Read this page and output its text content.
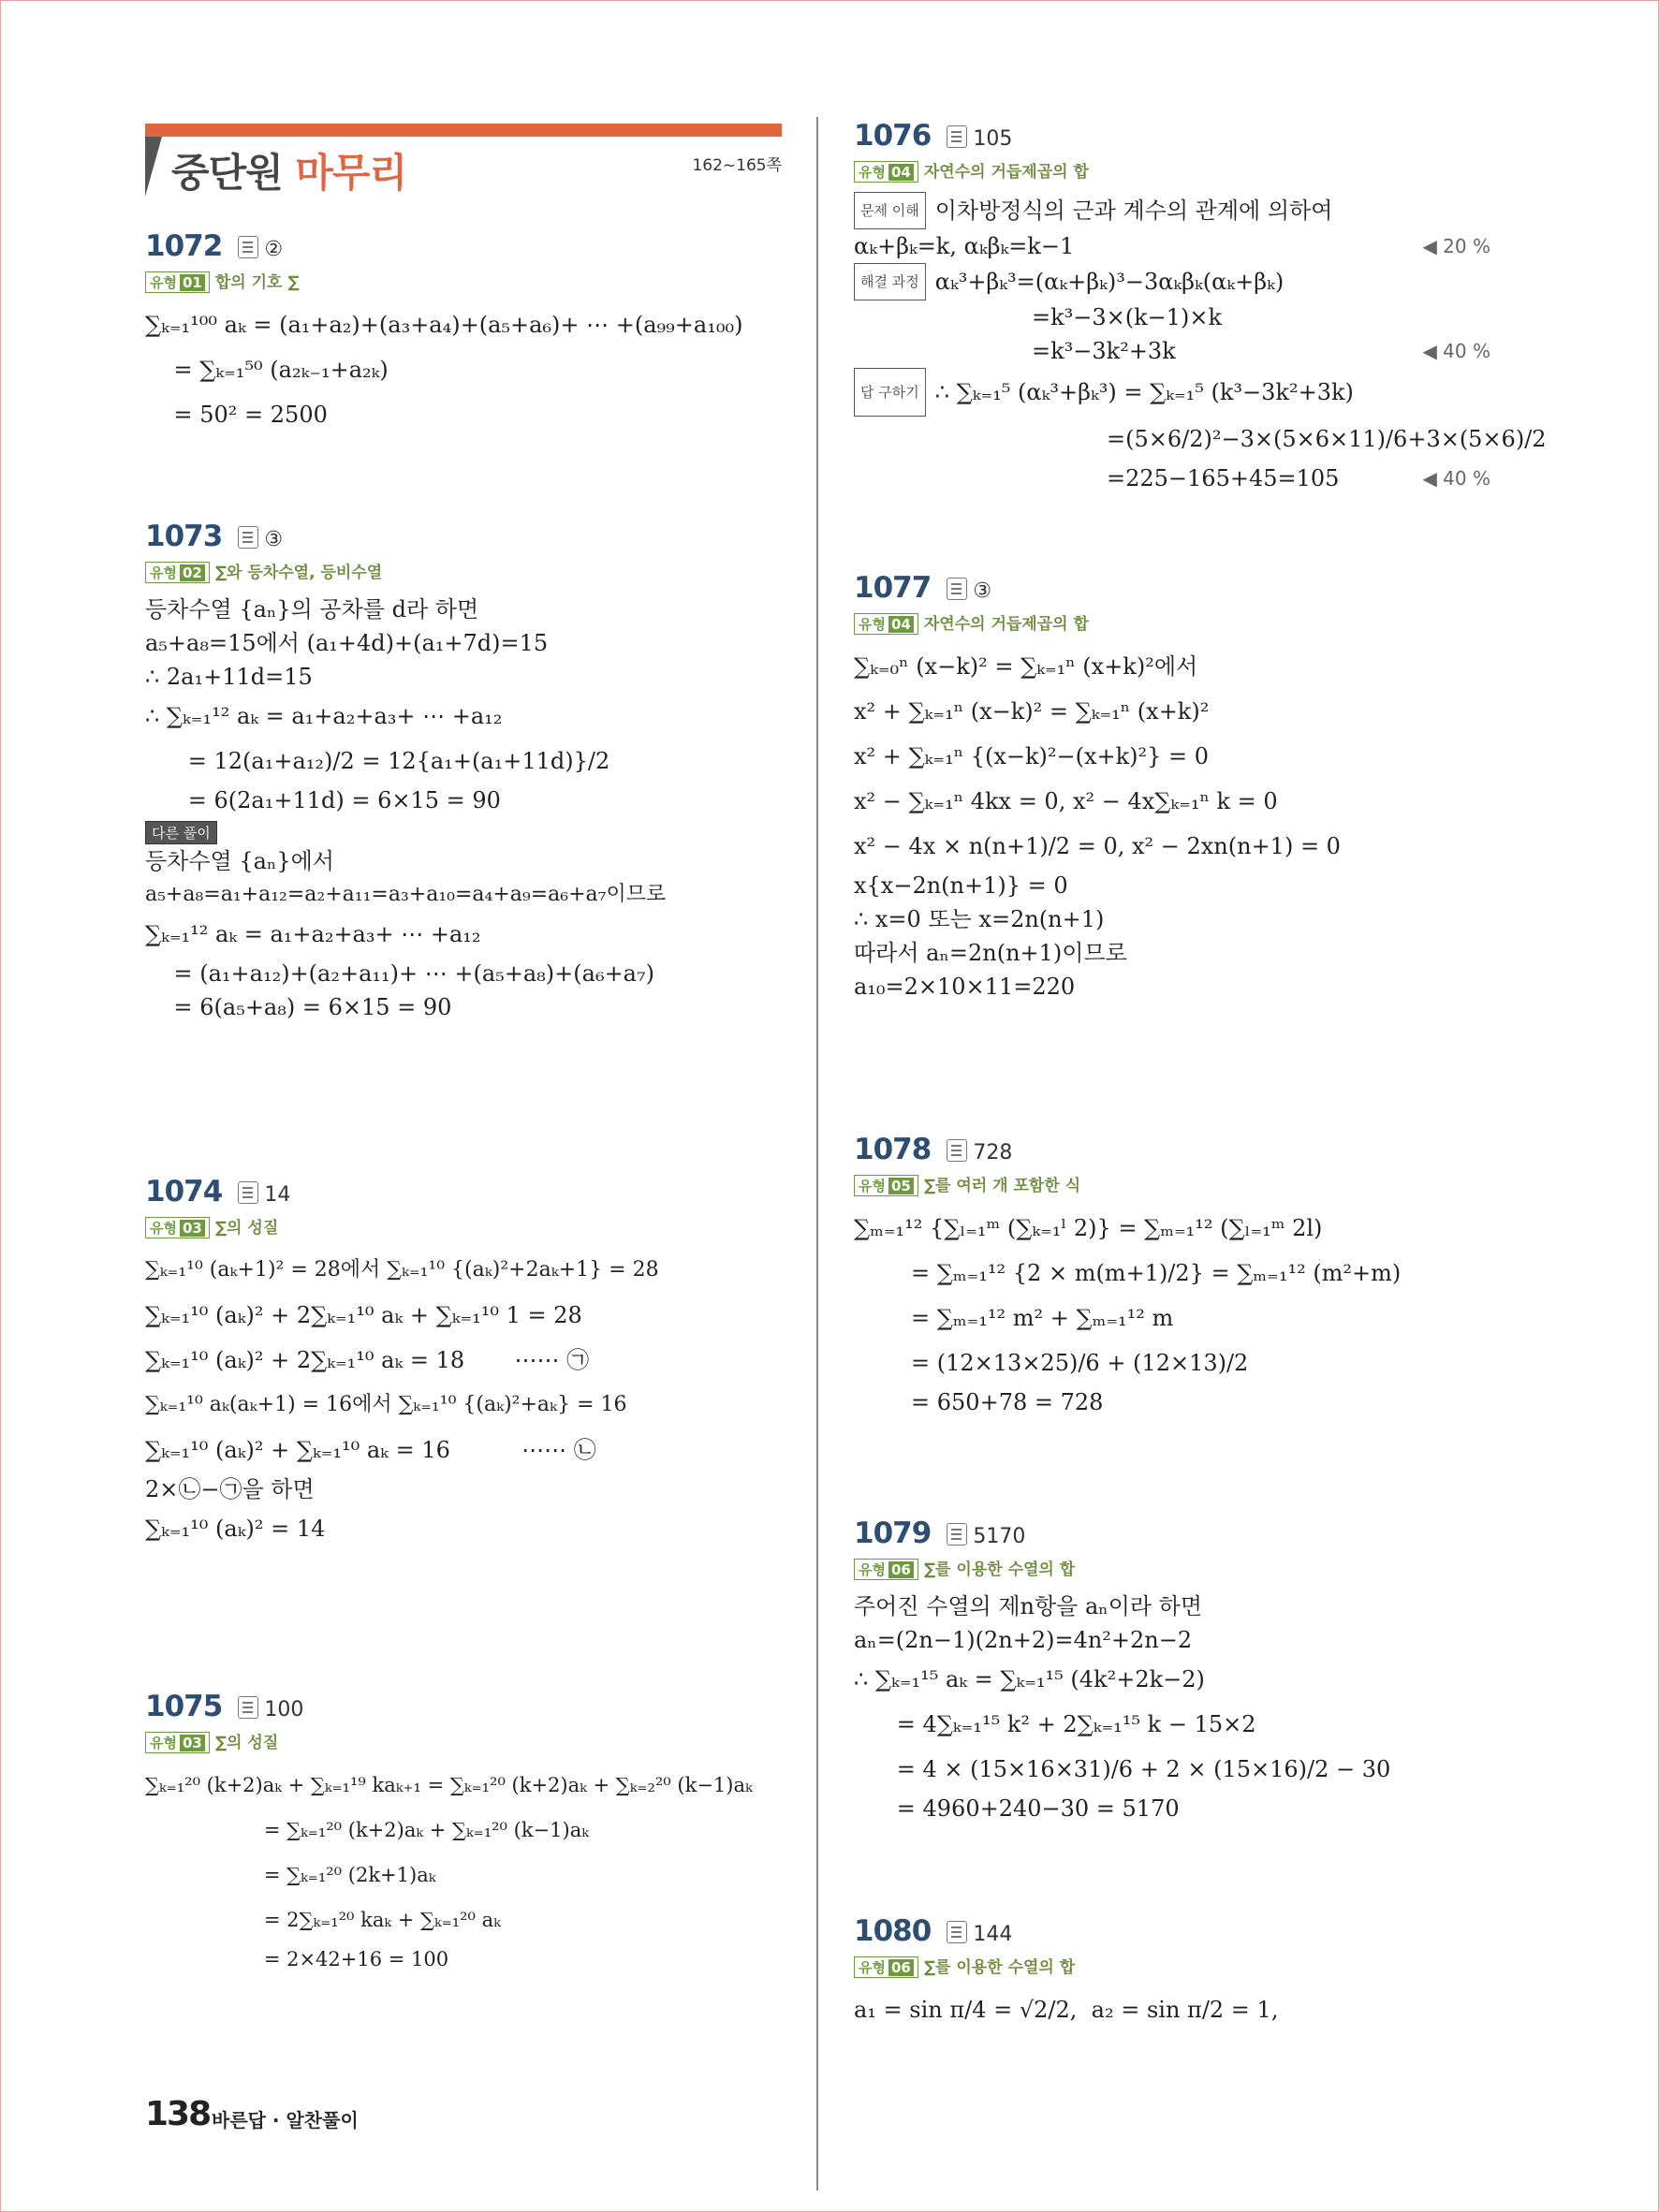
중단원 마무리	162~165쪽
1072 ②
유형 01 합의 기호 ∑
∑ₖ₌₁¹⁰⁰ aₖ = (a₁+a₂)+(a₃+a₄)+(a₅+a₆)+ ⋯ +(a₉₉+a₁₀₀)
= ∑ₖ₌₁⁵⁰ (a₂ₖ₋₁+a₂ₖ)
= 50² = 2500
1073 ③
유형 02 ∑와 등차수열, 등비수열
등차수열 {aₙ}의 공차를 d라 하면
a₅+a₈=15에서 (a₁+4d)+(a₁+7d)=15
∴ 2a₁+11d=15
∴ ∑ₖ₌₁¹² aₖ = a₁+a₂+a₃+ ⋯ +a₁₂
= 12(a₁+a₁₂)/2 = 12{a₁+(a₁+11d)}/2
= 6(2a₁+11d) = 6×15 = 90
다른 풀이
등차수열 {aₙ}에서
a₅+a₈=a₁+a₁₂=a₂+a₁₁=a₃+a₁₀=a₄+a₉=a₆+a₇이므로
∑ₖ₌₁¹² aₖ = a₁+a₂+a₃+ ⋯ +a₁₂
= (a₁+a₁₂)+(a₂+a₁₁)+ ⋯ +(a₅+a₈)+(a₆+a₇)
= 6(a₅+a₈) = 6×15 = 90
1074 14
유형 03 ∑의 성질
∑ₖ₌₁¹⁰ (aₖ+1)² = 28에서 ∑ₖ₌₁¹⁰ {(aₖ)²+2aₖ+1} = 28
∑ₖ₌₁¹⁰ (aₖ)² + 2∑ₖ₌₁¹⁰ aₖ + ∑ₖ₌₁¹⁰ 1 = 28
∑ₖ₌₁¹⁰ (aₖ)² + 2∑ₖ₌₁¹⁰ aₖ = 18       ⋯⋯ ㉠
∑ₖ₌₁¹⁰ aₖ(aₖ+1) = 16에서 ∑ₖ₌₁¹⁰ {(aₖ)²+aₖ} = 16
∑ₖ₌₁¹⁰ (aₖ)² + ∑ₖ₌₁¹⁰ aₖ = 16          ⋯⋯ ㉡
2×㉡−㉠을 하면
∑ₖ₌₁¹⁰ (aₖ)² = 14
1075 100
유형 03 ∑의 성질
∑ₖ₌₁²⁰ (k+2)aₖ + ∑ₖ₌₁¹⁹ kaₖ₊₁ = ∑ₖ₌₁²⁰ (k+2)aₖ + ∑ₖ₌₂²⁰ (k−1)aₖ
= ∑ₖ₌₁²⁰ (k+2)aₖ + ∑ₖ₌₁²⁰ (k−1)aₖ
= ∑ₖ₌₁²⁰ (2k+1)aₖ
= 2∑ₖ₌₁²⁰ kaₖ + ∑ₖ₌₁²⁰ aₖ
= 2×42+16 = 100
1076 105
유형 04 자연수의 거듭제곱의 합
문제 이해 이차방정식의 근과 계수의 관계에 의하여
αₖ+βₖ=k, αₖβₖ=k−1	◀ 20 %
해결 과정 αₖ³+βₖ³=(αₖ+βₖ)³−3αₖβₖ(αₖ+βₖ)
=k³−3×(k−1)×k
=k³−3k²+3k	◀ 40 %
답 구하기 ∴ ∑ₖ₌₁⁵ (αₖ³+βₖ³) = ∑ₖ₌₁⁵ (k³−3k²+3k)
=(5×6/2)²−3×(5×6×11)/6+3×(5×6)/2
=225−165+45=105	◀ 40 %
1077 ③
유형 04 자연수의 거듭제곱의 합
∑ₖ₌₀ⁿ (x−k)² = ∑ₖ₌₁ⁿ (x+k)²에서
x² + ∑ₖ₌₁ⁿ (x−k)² = ∑ₖ₌₁ⁿ (x+k)²
x² + ∑ₖ₌₁ⁿ {(x−k)²−(x+k)²} = 0
x² − ∑ₖ₌₁ⁿ 4kx = 0, x² − 4x∑ₖ₌₁ⁿ k = 0
x² − 4x × n(n+1)/2 = 0, x² − 2xn(n+1) = 0
x{x−2n(n+1)} = 0
∴ x=0 또는 x=2n(n+1)
따라서 aₙ=2n(n+1)이므로
a₁₀=2×10×11=220
1078 728
유형 05 ∑를 여러 개 포함한 식
∑ₘ₌₁¹² {∑ₗ₌₁ᵐ (∑ₖ₌₁ˡ 2)} = ∑ₘ₌₁¹² (∑ₗ₌₁ᵐ 2l)
= ∑ₘ₌₁¹² {2 × m(m+1)/2} = ∑ₘ₌₁¹² (m²+m)
= ∑ₘ₌₁¹² m² + ∑ₘ₌₁¹² m
= (12×13×25)/6 + (12×13)/2
= 650+78 = 728
1079 5170
유형 06 ∑를 이용한 수열의 합
주어진 수열의 제n항을 aₙ이라 하면
aₙ=(2n−1)(2n+2)=4n²+2n−2
∴ ∑ₖ₌₁¹⁵ aₖ = ∑ₖ₌₁¹⁵ (4k²+2k−2)
= 4∑ₖ₌₁¹⁵ k² + 2∑ₖ₌₁¹⁵ k − 15×2
= 4 × (15×16×31)/6 + 2 × (15×16)/2 − 30
= 4960+240−30 = 5170
1080 144
유형 06 ∑를 이용한 수열의 합
a₁ = sin π/4 = √2/2,  a₂ = sin π/2 = 1,
138 바른답 · 알찬풀이
